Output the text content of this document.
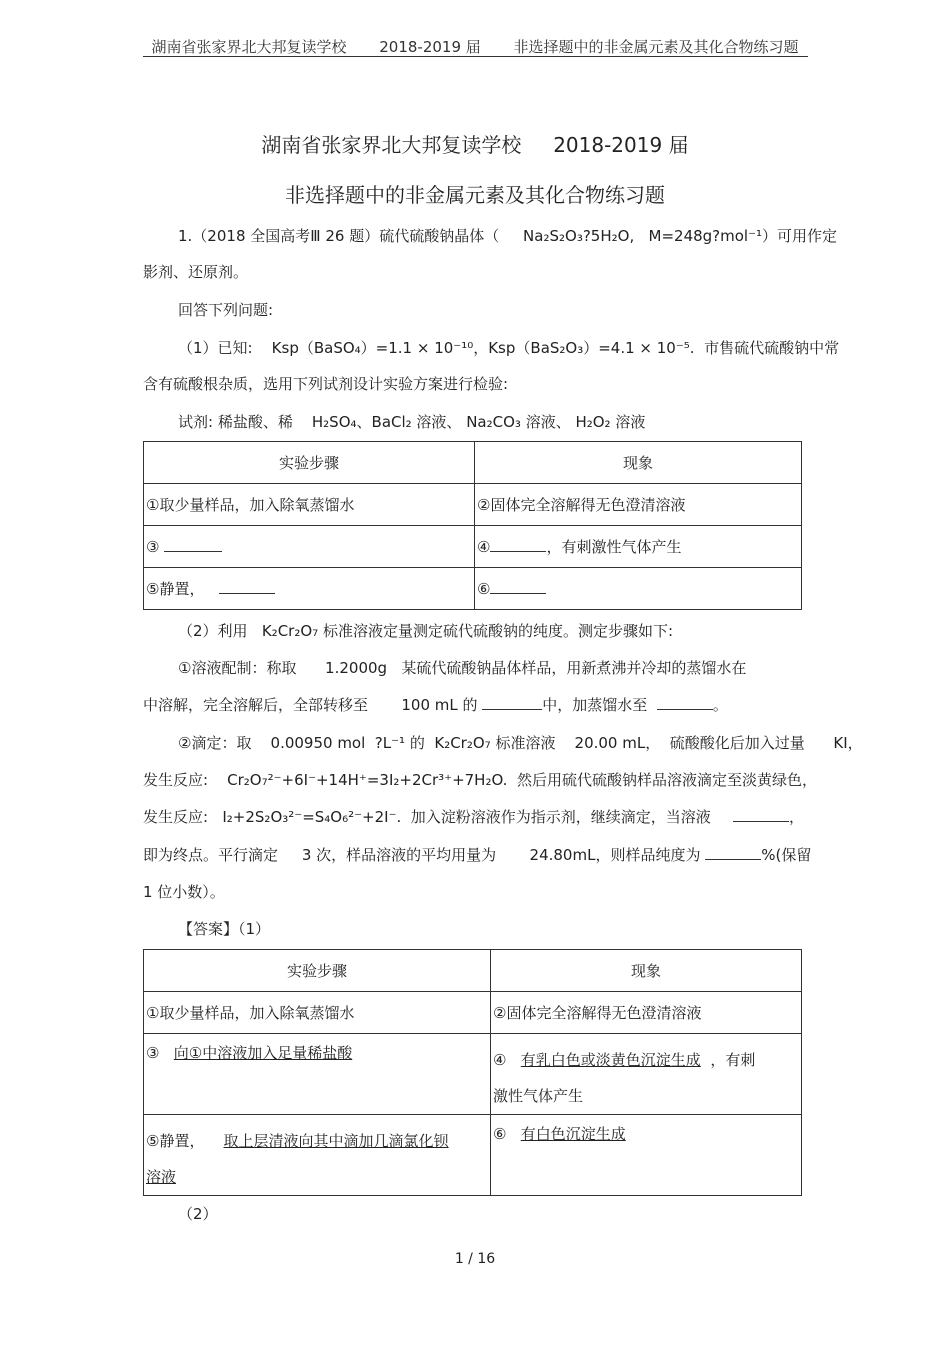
湖南省张家界北大邦复读学校 2018-2019 届 非选择题中的非金属元素及其化合物练习题
湖南省张家界北大邦复读学校     2018-2019 届
非选择题中的非金属元素及其化合物练习题
1.（2018 全国高考Ⅲ 26 题）硫代硫酸钠晶体（     Na₂S₂O₃?5H₂O,   M=248g?mol⁻¹）可用作定
影剂、还原剂。
回答下列问题:
（1）已知:    Ksp（BaSO₄）=1.1 × 10⁻¹⁰，Ksp（BaS₂O₃）=4.1 × 10⁻⁵.  市售硫代硫酸钠中常
含有硫酸根杂质，选用下列试剂设计实验方案进行检验:
试剂: 稀盐酸、稀    H₂SO₄、BaCl₂ 溶液、 Na₂CO₃ 溶液、 H₂O₂ 溶液
实验步骤	现象
①取少量样品，加入除氧蒸馏水	②固体完全溶解得无色澄清溶液
③	④ ，有刺激性气体产生
⑤静置，	⑥
（2）利用   K₂Cr₂O₇ 标准溶液定量测定硫代硫酸钠的纯度。测定步骤如下:
①溶液配制：称取      1.2000g   某硫代硫酸钠晶体样品，用新煮沸并冷却的蒸馏水在
中溶解，完全溶解后，全部转移至       100 mL 的	中，加蒸馏水至	。
②滴定：取    0.00950 mol  ?L⁻¹ 的  K₂Cr₂O₇ 标准溶液    20.00 mL，  硫酸酸化后加入过量      KI，
发生反应:    Cr₂O₇²⁻+6I⁻+14H⁺=3I₂+2Cr³⁺+7H₂O.  然后用硫代硫酸钠样品溶液滴定至淡黄绿色，
发生反应:   I₂+2S₂O₃²⁻=S₄O₆²⁻+2I⁻.  加入淀粉溶液作为指示剂，继续滴定，当溶液	，
即为终点。平行滴定     3 次，样品溶液的平均用量为       24.80mL，则样品纯度为	%(保留
1 位小数）。
【答案】（1）
实验步骤	现象
①取少量样品，加入除氧蒸馏水	②固体完全溶解得无色澄清溶液
③ 向①中溶液加入足量稀盐酸	④ 有乳白色或淡黄色沉淀生成 ，有刺
激性气体产生
⑤静置， 取上层清液向其中滴加几滴氯化钡
溶液	⑥ 有白色沉淀生成
（2）
1 / 16
